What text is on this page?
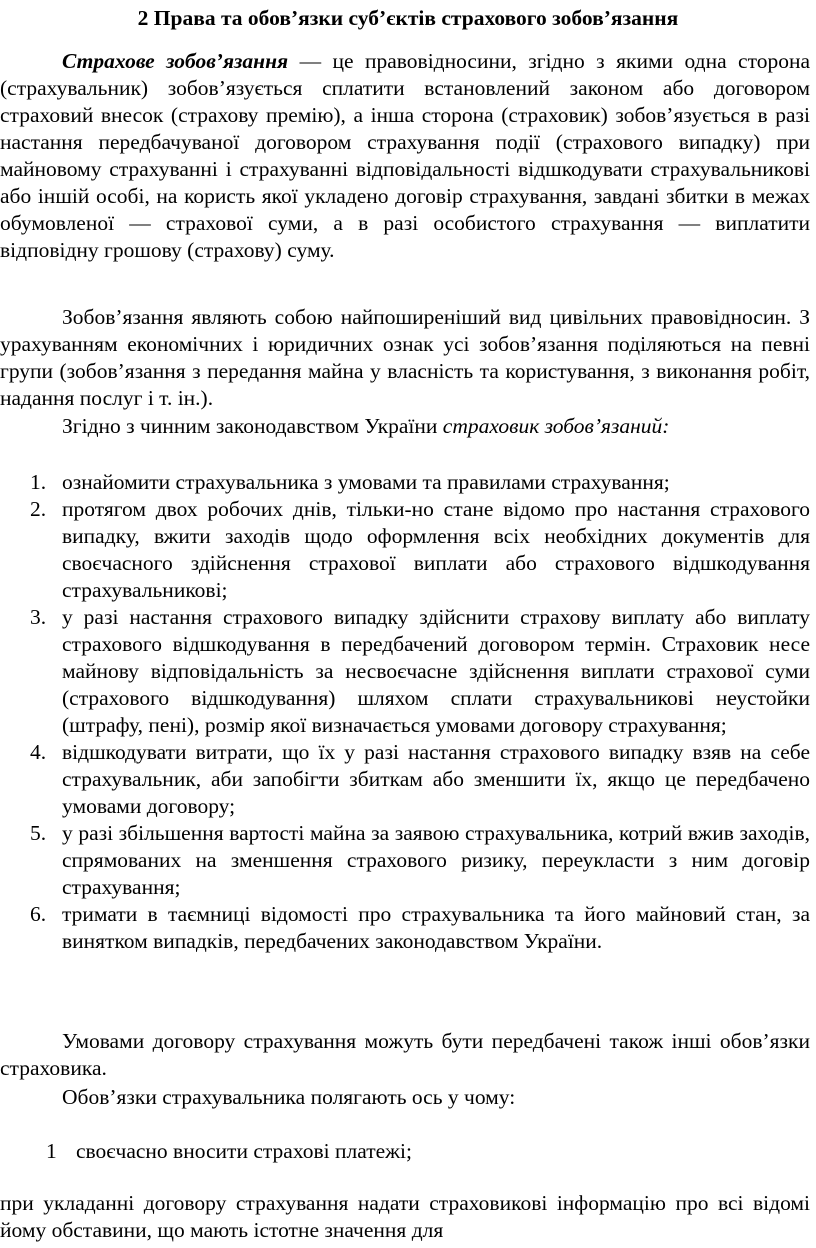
2 Права та обов’язки суб’єктів страхового зобов’язання

Страхове зобов’язання — це правовідносини, згідно з якими одна сторона (страхувальник) зобов’язується сплатити встановлений законом або договором страховий внесок (страхову премію), а інша сторона (страховик) зобов’язується в разі настання передбачуваної договором страхування події (страхового випадку) при майновому страхуванні і страхуванні відповідальності відшкодувати страхувальникові або іншій особі, на користь якої укладено договір страхування, завдані збитки в межах обумовленої — страхової суми, а в разі особистого страхування — виплатити відповідну грошову (страхову) суму.

Зобов’язання являють собою найпоширеніший вид цивільних правовідносин. З урахуванням економічних і юридичних ознак усі зобов’язання поділяються на певні групи (зобов’язання з передання майна у власність та користування, з виконання робіт, надання послуг і т. ін.).

Згідно з чинним законодавством України страховик зобов’язаний:

1. ознайомити страхувальника з умовами та правилами страхування;
2. протягом двох робочих днів, тільки-но стане відомо про настання страхового випадку, вжити заходів щодо оформлення всіх необхідних документів для своєчасного здійснення страхової виплати або страхового відшкодування страхувальникові;
3. у разі настання страхового випадку здійснити страхову виплату або виплату страхового відшкодування в передбачений договором термін. Страховик несе майнову відповідальність за несвоєчасне здійснення виплати страхової суми (страхового відшкодування) шляхом сплати страхувальникові неустойки (штрафу, пені), розмір якої визначається умовами договору страхування;
4. відшкодувати витрати, що їх у разі настання страхового випадку взяв на себе страхувальник, аби запобігти збиткам або зменшити їх, якщо це передбачено умовами договору;
5. у разі збільшення вартості майна за заявою страхувальника, котрий вжив заходів, спрямованих на зменшення страхового ризику, переукласти з ним договір страхування;
6. тримати в таємниці відомості про страхувальника та його майновий стан, за винятком випадків, передбачених законодавством України.

Умовами договору страхування можуть бути передбачені також інші обов’язки страховика.

Обов’язки страхувальника полягають ось у чому:

1 своєчасно вносити страхові платежі;

при укладанні договору страхування надати страховикові інформацію про всі відомі йому обставини, що мають істотне значення для
